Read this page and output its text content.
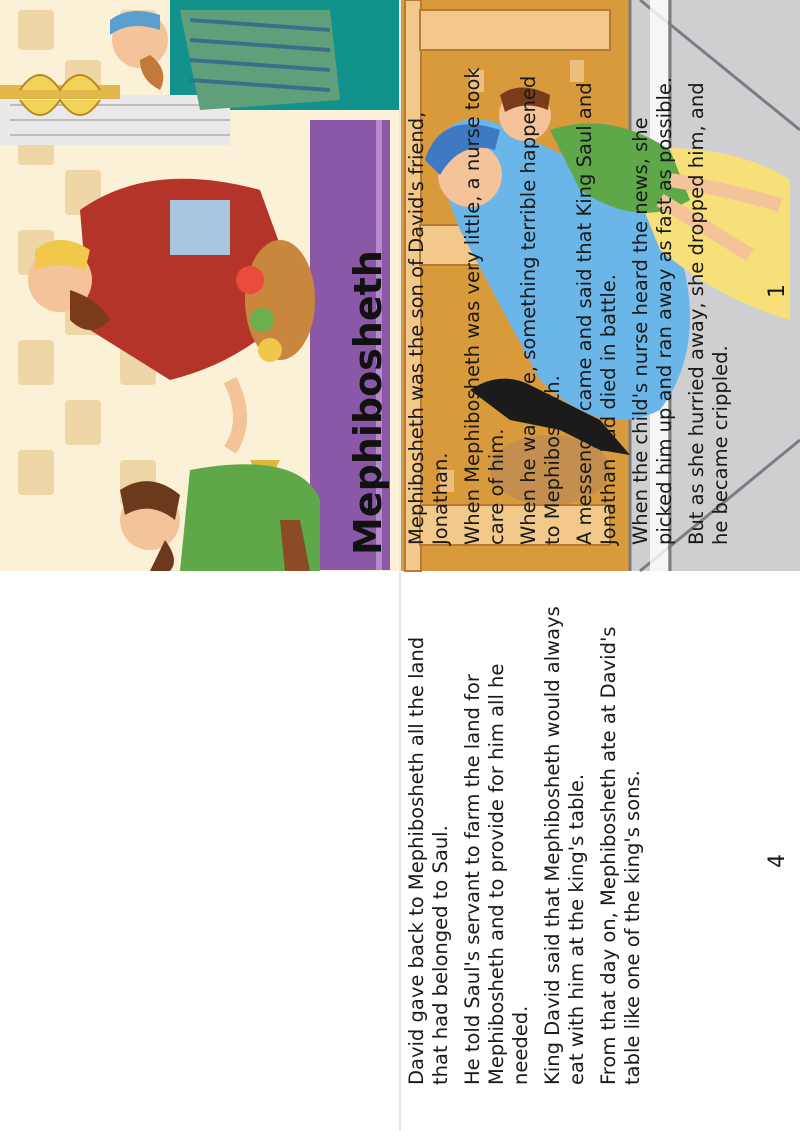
David gave back to Mephibosheth all the land that had belonged to Saul. He told Saul's servant to farm the land for Mephibosheth and to provide for him all he needed. King David said that Mephibosheth would always eat with him at the king's table. From that day on, Mephibosheth ate at David's table like one of the king's sons.	4
Mephibosheth Mephibosheth was the son of David's friend, Jonathan. When Mephibosheth was very little, a nurse took care of him. When he was five, something terrible happened to Mephibosheth. A messenger came and said that King Saul and Jonathan had died in battle. When the child's nurse heard the news, she picked him up and ran away as fast as possible. But as she hurried away, she dropped him, and he became crippled.

1
